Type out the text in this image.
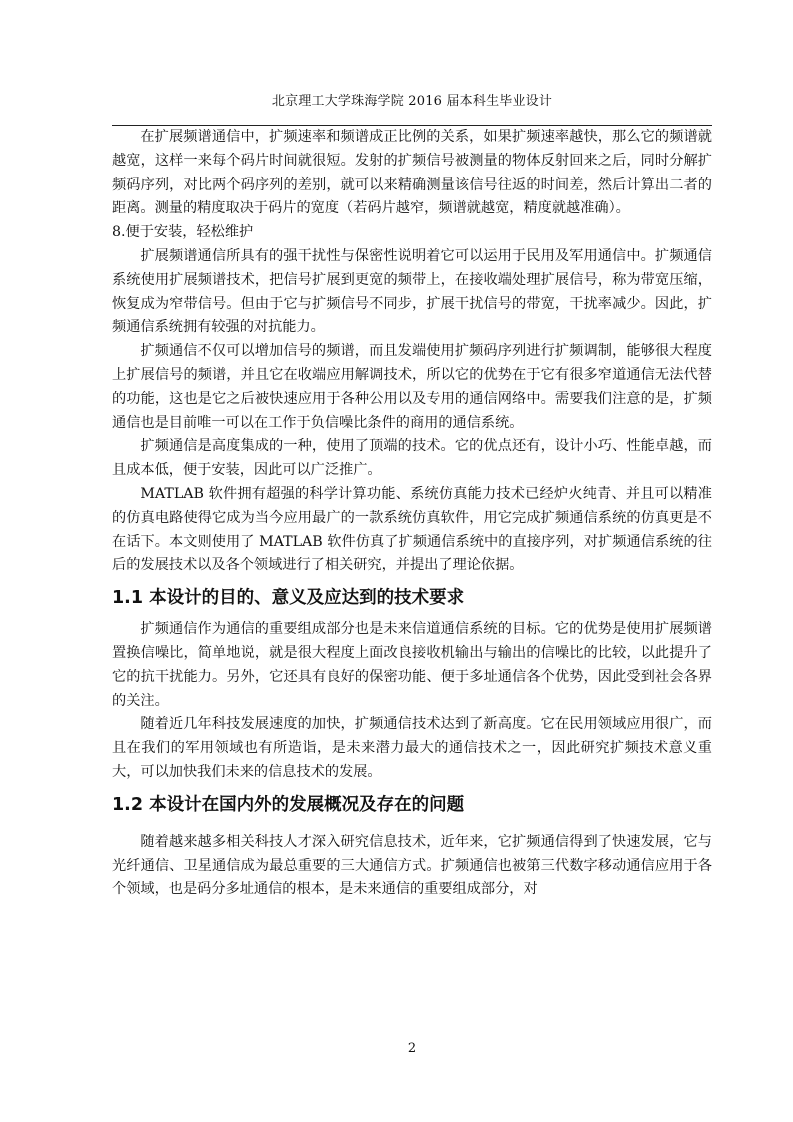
北京理工大学珠海学院 2016 届本科生毕业设计

在扩展频谱通信中，扩频速率和频谱成正比例的关系，如果扩频速率越快，那么它的频谱就越宽，这样一来每个码片时间就很短。发射的扩频信号被测量的物体反射回来之后，同时分解扩频码序列，对比两个码序列的差别，就可以来精确测量该信号往返的时间差，然后计算出二者的距离。测量的精度取决于码片的宽度（若码片越窄，频谱就越宽，精度就越准确）。

8.便于安装，轻松维护

扩展频谱通信所具有的强干扰性与保密性说明着它可以运用于民用及军用通信中。扩频通信系统使用扩展频谱技术，把信号扩展到更宽的频带上，在接收端处理扩展信号，称为带宽压缩，恢复成为窄带信号。但由于它与扩频信号不同步，扩展干扰信号的带宽，干扰率减少。因此，扩频通信系统拥有较强的对抗能力。

扩频通信不仅可以增加信号的频谱，而且发端使用扩频码序列进行扩频调制，能够很大程度上扩展信号的频谱，并且它在收端应用解调技术，所以它的优势在于它有很多窄道通信无法代替的功能，这也是它之后被快速应用于各种公用以及专用的通信网络中。需要我们注意的是，扩频通信也是目前唯一可以在工作于负信噪比条件的商用的通信系统。

扩频通信是高度集成的一种，使用了顶端的技术。它的优点还有，设计小巧、性能卓越，而且成本低，便于安装，因此可以广泛推广。

MATLAB 软件拥有超强的科学计算功能、系统仿真能力技术已经炉火纯青、并且可以精准的仿真电路使得它成为当今应用最广的一款系统仿真软件，用它完成扩频通信系统的仿真更是不在话下。本文则使用了 MATLAB 软件仿真了扩频通信系统中的直接序列，对扩频通信系统的往后的发展技术以及各个领域进行了相关研究，并提出了理论依据。

1.1 本设计的目的、意义及应达到的技术要求

扩频通信作为通信的重要组成部分也是未来信道通信系统的目标。它的优势是使用扩展频谱置换信噪比，简单地说，就是很大程度上面改良接收机输出与输出的信噪比的比较，以此提升了它的抗干扰能力。另外，它还具有良好的保密功能、便于多址通信各个优势，因此受到社会各界的关注。

随着近几年科技发展速度的加快，扩频通信技术达到了新高度。它在民用领域应用很广，而且在我们的军用领域也有所造诣，是未来潜力最大的通信技术之一，因此研究扩频技术意义重大，可以加快我们未来的信息技术的发展。

1.2 本设计在国内外的发展概况及存在的问题

随着越来越多相关科技人才深入研究信息技术，近年来，它扩频通信得到了快速发展，它与光纤通信、卫星通信成为最总重要的三大通信方式。扩频通信也被第三代数字移动通信应用于各个领域，也是码分多址通信的根本，是未来通信的重要组成部分，对

2
